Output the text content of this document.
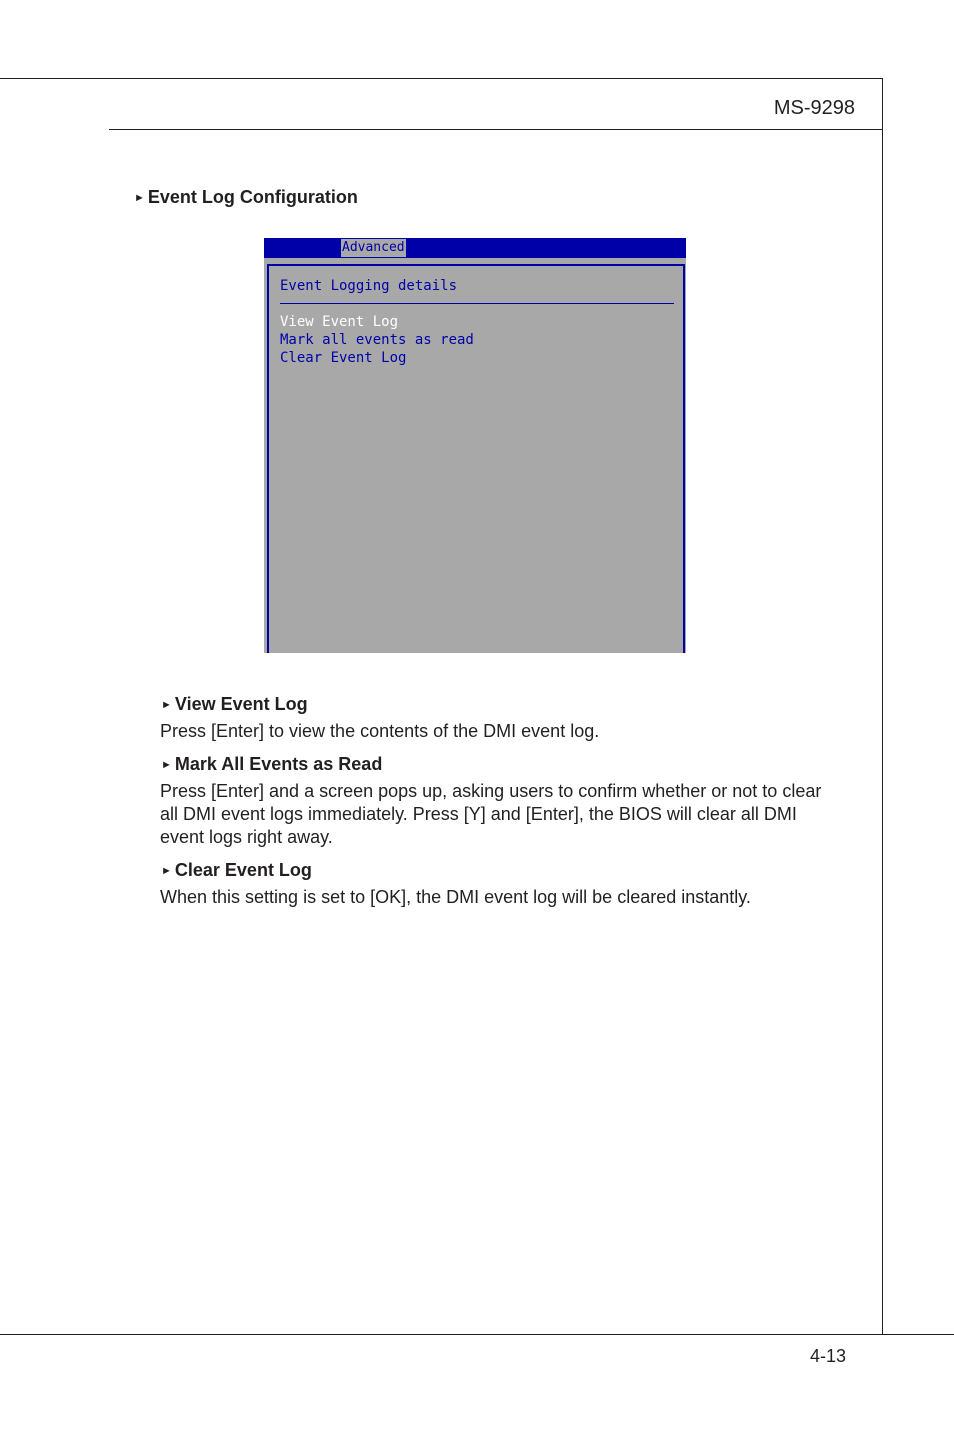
MS-9298
► Event Log Configuration
Advanced
Event Logging details
View Event Log
Mark all events as read
Clear Event Log
► View Event Log
Press [Enter] to view the contents of the DMI event log.
► Mark All Events as Read
Press [Enter] and a screen pops up, asking users to confirm whether or not to clear all DMI event logs immediately. Press [Y] and [Enter], the BIOS will clear all DMI event logs right away.
► Clear Event Log
When this setting is set to [OK], the DMI event log will be cleared instantly.
4-13
